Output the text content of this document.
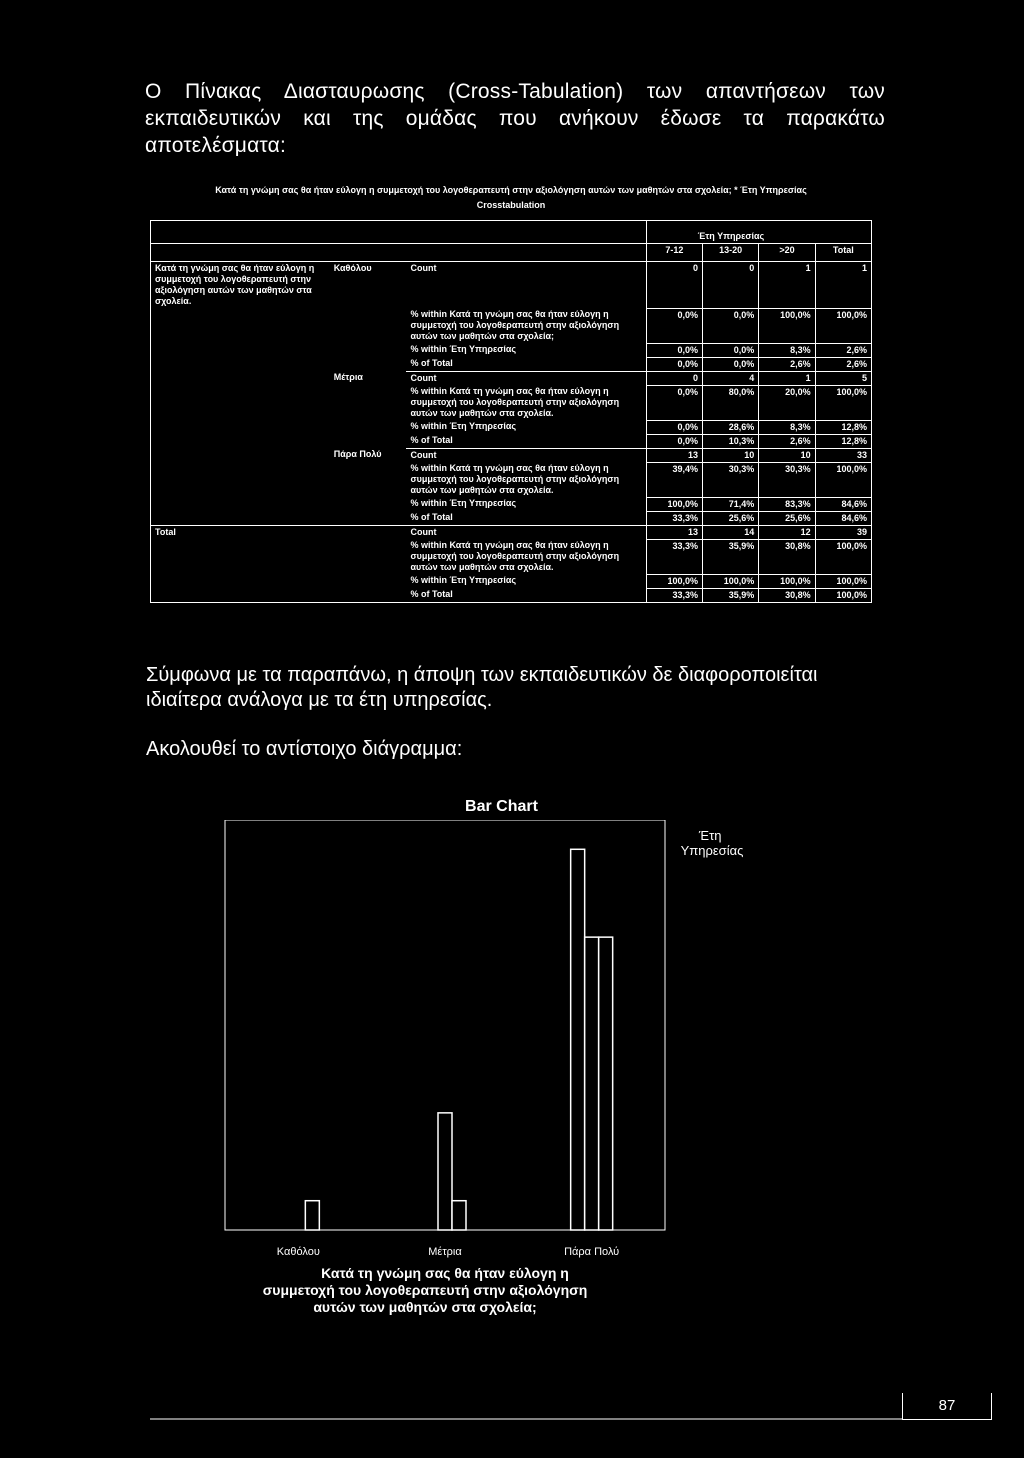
Ο Πίνακας Διασταυρωσης (Cross-Tabulation) των απαντήσεων των εκπαιδευτικών και της ομάδας που ανήκουν έδωσε τα παρακάτω αποτελέσματα:
Κατά τη γνώμη σας θα ήταν εύλογη η συμμετοχή του λογοθεραπευτή στην αξιολόγηση αυτών των μαθητών στα σχολεία; * Έτη Υπηρεσίας
Crosstabulation
			Έτη Υπηρεσίας			
			7-12	13-20	>20	Total
Κατά τη γνώμη σας θα ήταν εύλογη η συμμετοχή του λογοθεραπευτή στην αξιολόγηση αυτών των μαθητών στα σχολεία.	Καθόλου	Count	0	0	1	1
		% within Κατά τη γνώμη σας θα ήταν εύλογη η συμμετοχή του λογοθεραπευτή στην αξιολόγηση αυτών των μαθητών στα σχολεία;	0,0%	0,0%	100,0%	100,0%
		% within Έτη Υπηρεσίας	0,0%	0,0%	8,3%	2,6%
		% of Total	0,0%	0,0%	2,6%	2,6%
	Μέτρια	Count	0	4	1	5
		% within Κατά τη γνώμη σας θα ήταν εύλογη η συμμετοχή του λογοθεραπευτή στην αξιολόγηση αυτών των μαθητών στα σχολεία.	0,0%	80,0%	20,0%	100,0%
		% within Έτη Υπηρεσίας	0,0%	28,6%	8,3%	12,8%
		% of Total	0,0%	10,3%	2,6%	12,8%
	Πάρα Πολύ	Count	13	10	10	33
		% within Κατά τη γνώμη σας θα ήταν εύλογη η συμμετοχή του λογοθεραπευτή στην αξιολόγηση αυτών των μαθητών στα σχολεία.	39,4%	30,3%	30,3%	100,0%
		% within Έτη Υπηρεσίας	100,0%	71,4%	83,3%	84,6%
		% of Total	33,3%	25,6%	25,6%	84,6%
Total		Count	13	14	12	39
		% within Κατά τη γνώμη σας θα ήταν εύλογη η συμμετοχή του λογοθεραπευτή στην αξιολόγηση αυτών των μαθητών στα σχολεία.	33,3%	35,9%	30,8%	100,0%
		% within Έτη Υπηρεσίας	100,0%	100,0%	100,0%	100,0%
		% of Total	33,3%	35,9%	30,8%	100,0%
Σύμφωνα με τα παραπάνω, η άποψη των εκπαιδευτικών δε διαφοροποιείται ιδιαίτερα ανάλογα με τα έτη υπηρεσίας.
Ακολουθεί το αντίστοιχο διάγραμμα:
Bar Chart
Καθόλου	Μέτρια	Πάρα Πολύ
Έτη Υπηρεσίας
Κατά τη γνώμη σας θα ήταν εύλογη η
συμμετοχή του λογοθεραπευτή στην αξιολόγηση
αυτών των μαθητών στα σχολεία;
87
